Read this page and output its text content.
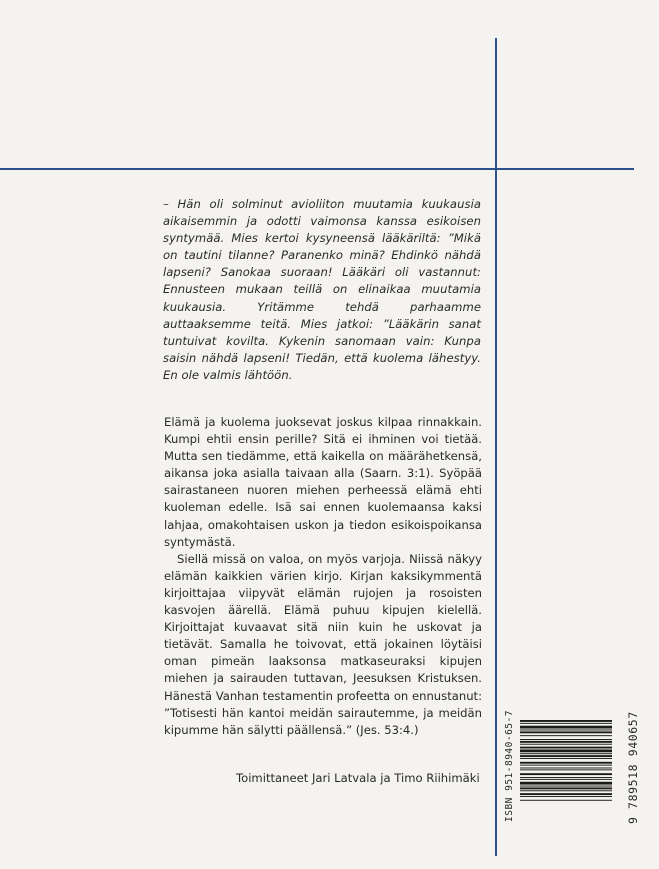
– Hän oli solminut avioliiton muutamia kuukausia aikaisemmin ja odotti vaimonsa kanssa esikoisen syntymää. Mies kertoi kysyneensä lääkäriltä: ”Mikä on tautini tilanne? Paranenko minä? Ehdinkö nähdä lapseni? Sanokaa suoraan! Lääkäri oli vastannut: Ennusteen mukaan teillä on elinaikaa muutamia kuukausia. Yritämme tehdä parhaamme auttaaksemme teitä. Mies jatkoi: ”Lääkärin sanat tuntuivat kovilta. Kykenin sanomaan vain: Kunpa saisin nähdä lapseni! Tiedän, että kuolema lähestyy. En ole valmis lähtöön.

Elämä ja kuolema juoksevat joskus kilpaa rinnakkain. Kumpi ehtii ensin perille? Sitä ei ihminen voi tietää. Mutta sen tiedämme, että kaikella on määrähetkensä, aikansa joka asialla taivaan alla (Saarn. 3:1). Syöpää sairastaneen nuoren miehen perheessä elämä ehti kuoleman edelle. Isä sai ennen kuolemaansa kaksi lahjaa, omakohtaisen uskon ja tiedon esikoispoikansa syntymästä.

Siellä missä on valoa, on myös varjoja. Niissä näkyy elämän kaikkien värien kirjo. Kirjan kaksikymmentä kirjoittajaa viipyvät elämän rujojen ja rosoisten kasvojen äärellä. Elämä puhuu kipujen kielellä. Kirjoittajat kuvaavat sitä niin kuin he uskovat ja tietävät. Samalla he toivovat, että jokainen löytäisi oman pimeän laaksonsa matkaseuraksi kipujen miehen ja sairauden tuttavan, Jeesuksen Kristuksen. Hänestä Vanhan testamentin profeetta on ennustanut: ”Totisesti hän kantoi meidän sairautemme, ja meidän kipumme hän sälytti päällensä.” (Jes. 53:4.)

Toimittaneet Jari Latvala ja Timo Riihimäki	ISBN 951-8940-65-7	9 789518 940657
